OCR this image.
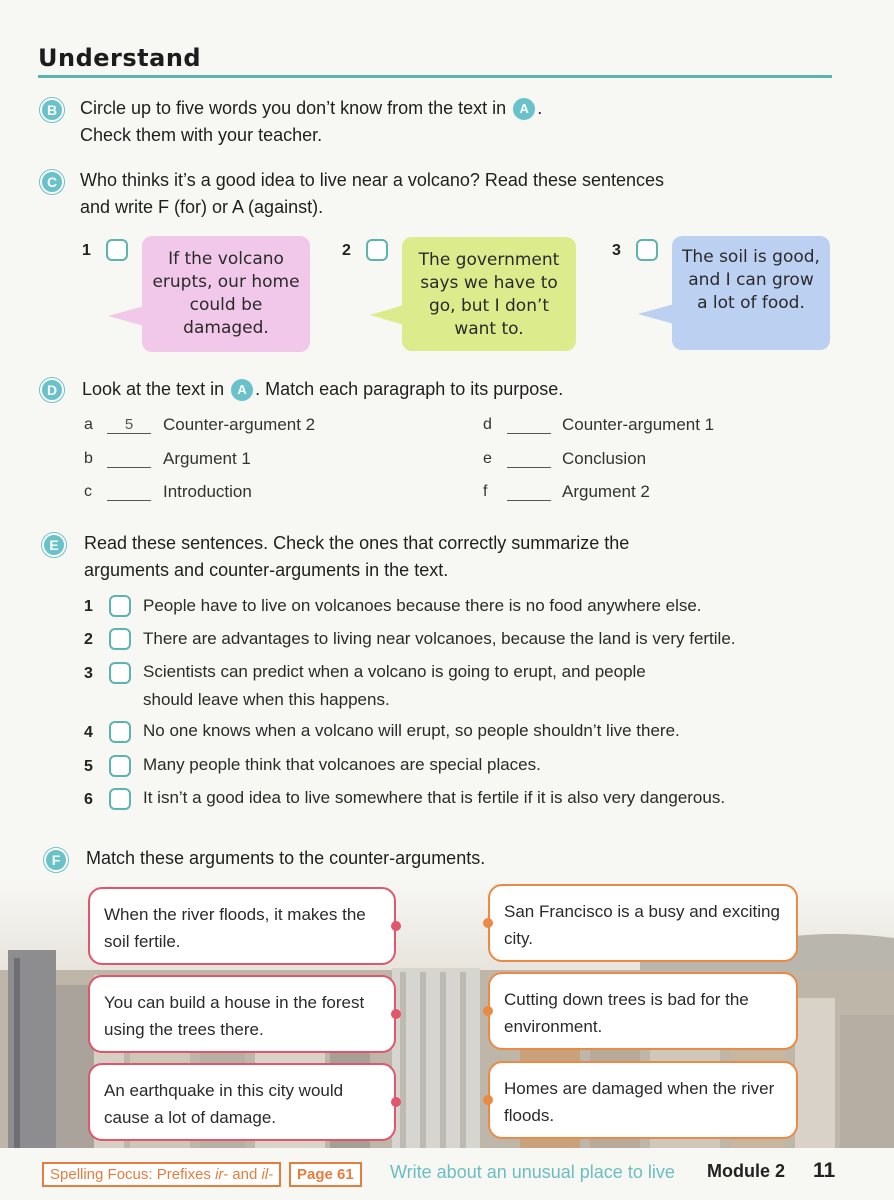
Understand
B	Circle up to five words you don’t know from the text in A .
Check them with your teacher.
C	Who thinks it’s a good idea to live near a volcano? Read these sentences
and write F (for) or A (against).
1	If the volcano erupts, our home could be damaged.
2	The government says we have to go, but I don’t want to.
3	The soil is good, and I can grow a lot of food.
D	Look at the text in A . Match each paragraph to its purpose.
a	5	Counter-argument 2
b	Argument 1
c	Introduction
d	Counter-argument 1
e	Conclusion
f	Argument 2
E	Read these sentences. Check the ones that correctly summarize the
arguments and counter-arguments in the text.
1	People have to live on volcanoes because there is no food anywhere else.
2	There are advantages to living near volcanoes, because the land is very fertile.
3	Scientists can predict when a volcano is going to erupt, and people
should leave when this happens.
4	No one knows when a volcano will erupt, so people shouldn’t live there.
5	Many people think that volcanoes are special places.
6	It isn’t a good idea to live somewhere that is fertile if it is also very dangerous.
F	Match these arguments to the counter-arguments.
When the river floods, it makes the soil fertile.
You can build a house in the forest using the trees there.
An earthquake in this city would cause a lot of damage.
San Francisco is a busy and exciting city.
Cutting down trees is bad for the environment.
Homes are damaged when the river floods.
Spelling Focus: Prefixes ir- and il-	Page 61	Write about an unusual place to live Module 2 11
